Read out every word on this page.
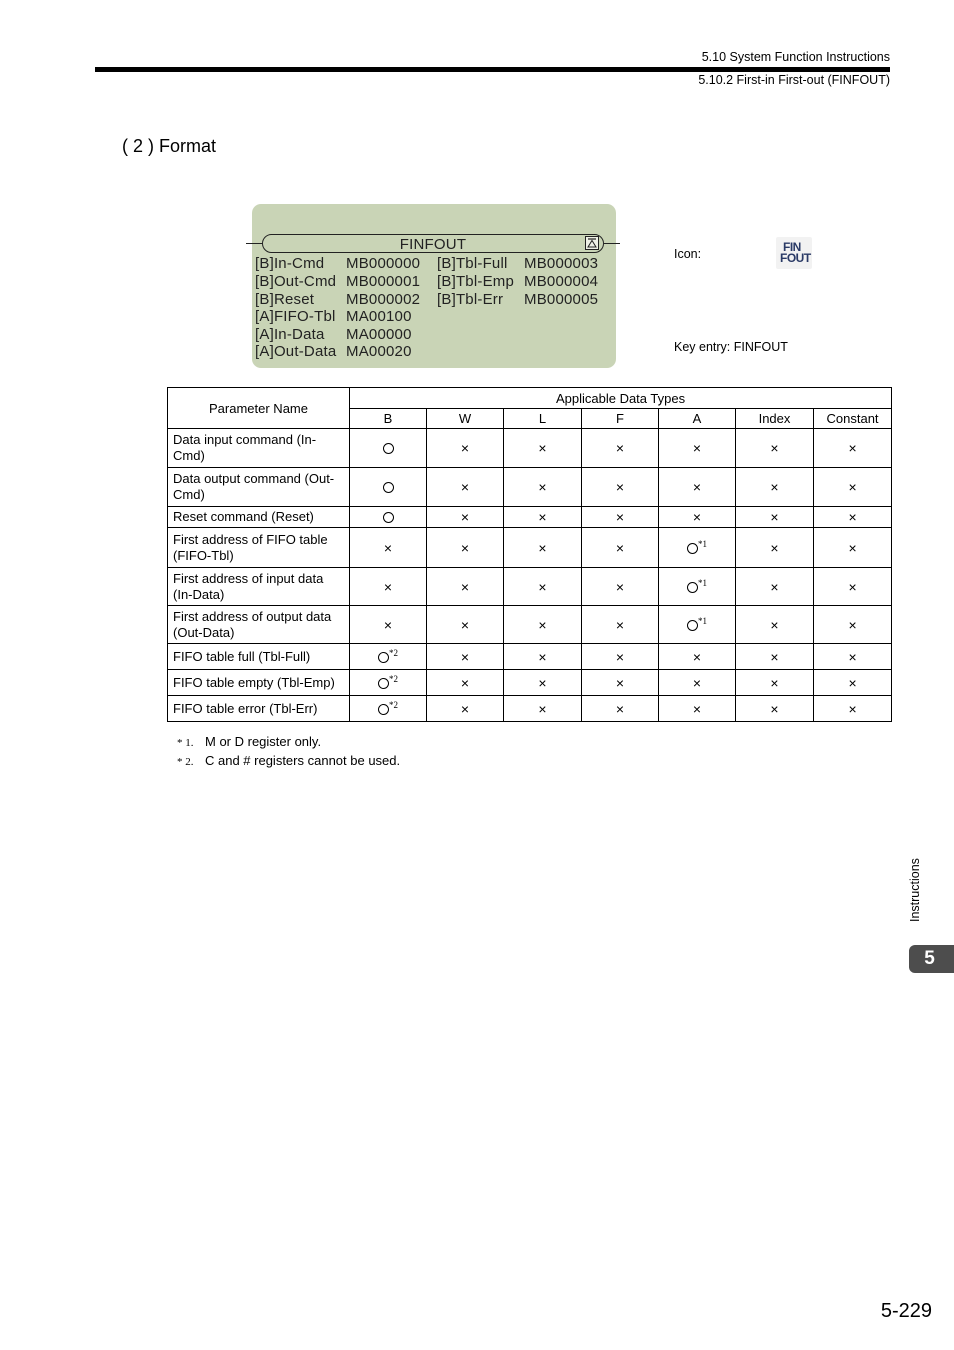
5.10 System Function Instructions
5.10.2 First-in First-out (FINFOUT)
( 2 ) Format
FINFOUT
[B]In-Cmd MB000000 [B]Tbl-Full MB000003
[B]Out-Cmd MB000001 [B]Tbl-Emp MB000004
[B]Reset MB000002 [B]Tbl-Err MB000005
[A]FIFO-Tbl MA00100
[A]In-Data MA00000
[A]Out-Data MA00020
Icon:	FIN
FOUT
Key entry: FINFOUT
Parameter Name	Applicable Data Types						
	B	W	L	F	A	Index	Constant
Data input command (In-Cmd)		×	×	×	×	×	×
Data output command (Out-Cmd)		×	×	×	×	×	×
Reset command (Reset)		×	×	×	×	×	×
First address of FIFO table (FIFO-Tbl)	×	×	×	×	$^{*1}$	×	×
First address of input data (In-Data)	×	×	×	×	$^{*1}$	×	×
First address of output data (Out-Data)	×	×	×	×	$^{*1}$	×	×
FIFO table full (Tbl-Full)	$^{*2}$	×	×	×	×	×	×
FIFO table empty (Tbl-Emp)	$^{*2}$	×	×	×	×	×	×
FIFO table error (Tbl-Err)	$^{*2}$	×	×	×	×	×	×
* 1. M or D register only.
* 2. C and # registers cannot be used.
Instructions
5
5-229
